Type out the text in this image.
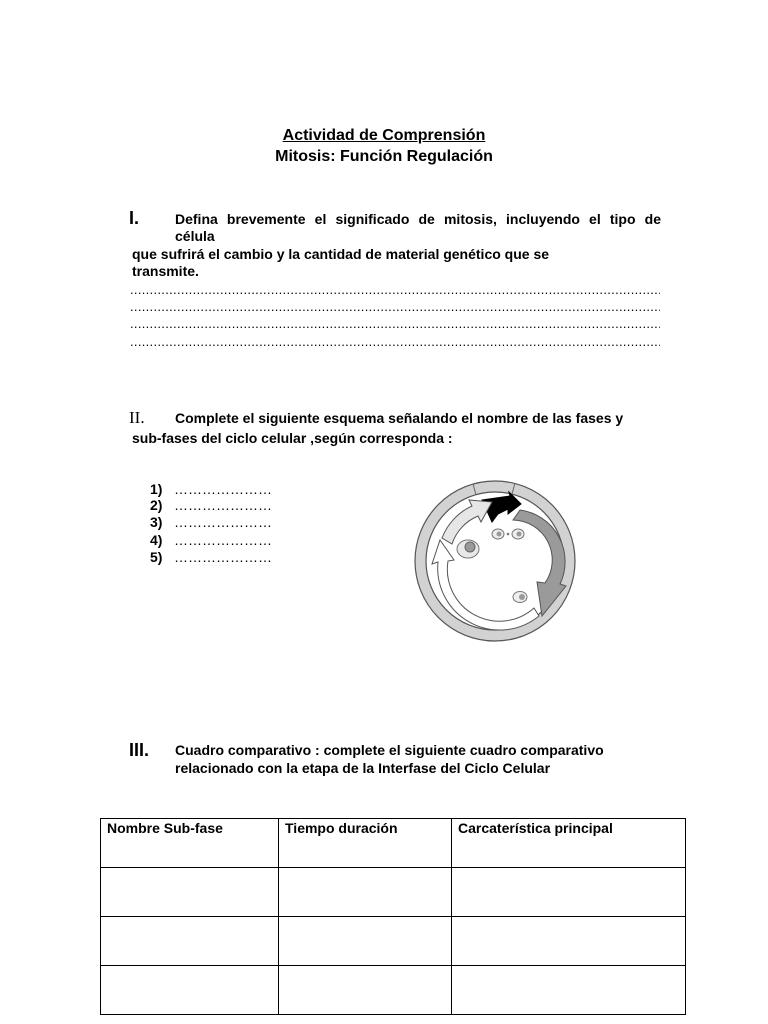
Actividad de Comprensión
Mitosis: Función Regulación
I.	Defina brevemente el significado de mitosis, incluyendo el tipo de
célula
que sufrirá el cambio y la cantidad de material genético que se
transmite.
.....
.....
.....
.....
II. Complete el siguiente esquema señalando el nombre de las fases y
sub-fases del ciclo celular ,según corresponda :
1) …………………
2) …………………
3) …………………
4) …………………
5) …………………
III. Cuadro comparativo : complete el siguiente cuadro comparativo
relacionado con la etapa de la Interfase del Ciclo Celular
Nombre Sub-fase	Tiempo duración	Carcaterística principal
